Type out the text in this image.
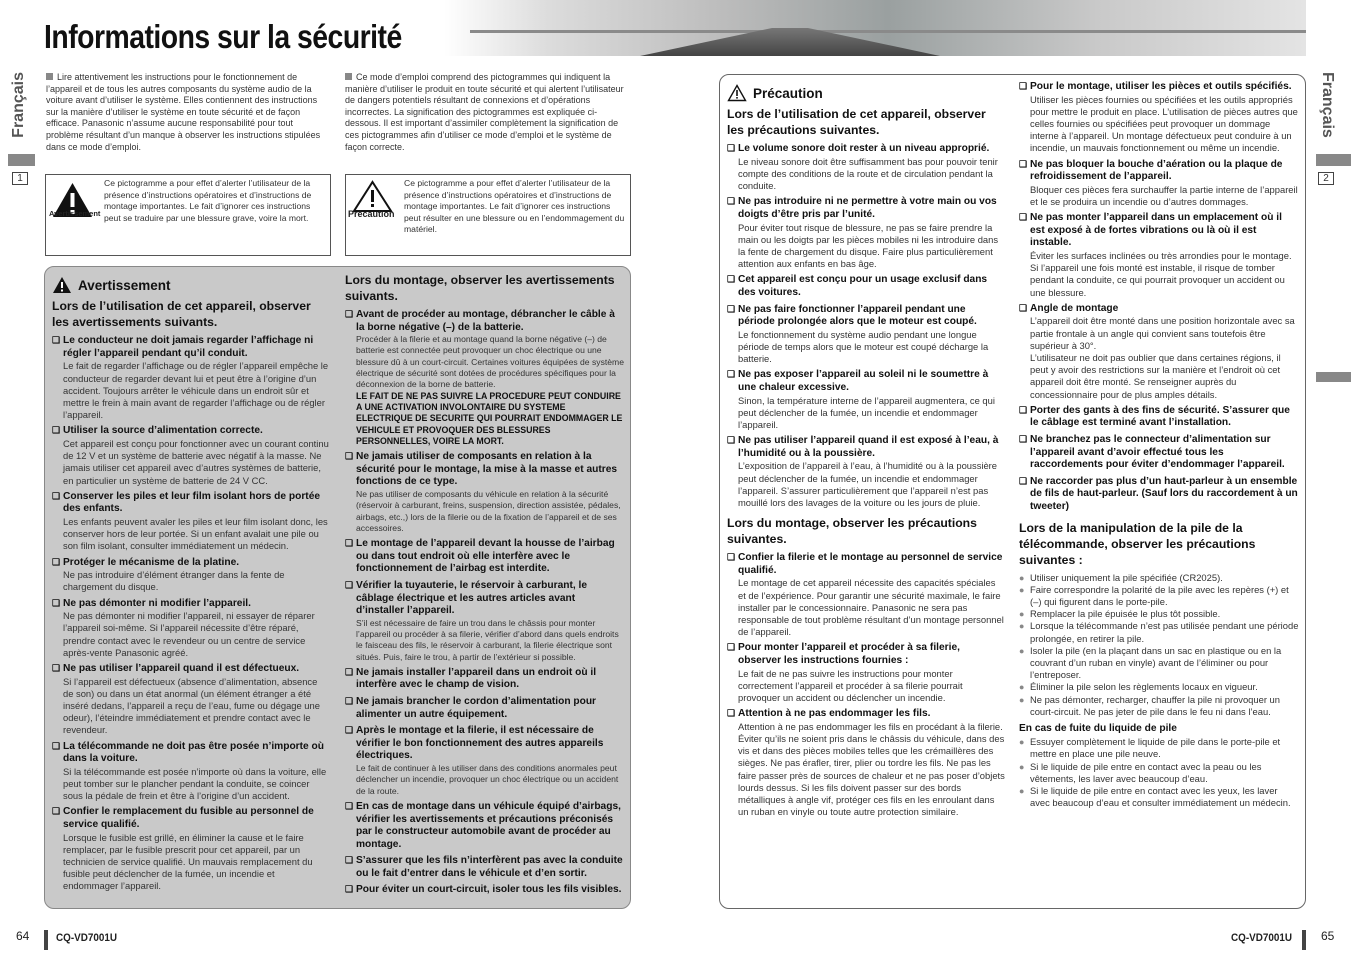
Informations sur la sécurité
Français
1
Français
2
Lire attentivement les instructions pour le fonctionnement de l’appareil et de tous les autres composants du système audio de la voiture avant d’utiliser le système. Elles contiennent des instructions sur la manière d’utiliser le système en toute sécurité et de façon efficace. Panasonic n’assume aucune responsabilité pour tout problème résultant d’un manque à observer les instructions stipulées dans ce mode d’emploi.
Ce mode d’emploi comprend des pictogrammes qui indiquent la manière d’utiliser le produit en toute sécurité et qui alertent l’utilisateur de dangers potentiels résultant de connexions et d’opérations incorrectes. La signification des pictogrammes est expliquée ci-dessous. Il est important d’assimiler complètement la signification de ces pictogrammes afin d’utiliser ce mode d’emploi et le système de façon correcte.
Avertissement
Ce pictogramme a pour effet d’alerter l’utilisateur de la présence d’instructions opératoires et d’instructions de montage importantes. Le fait d’ignorer ces instructions peut se traduire par une blessure grave, voire la mort.	Précaution
Ce pictogramme a pour effet d’alerter l’utilisateur de la présence d’instructions opératoires et d’instructions de montage importantes. Le fait d’ignorer ces instructions peut résulter en une blessure ou en l’endommagement du matériel.
Avertissement
Lors de l’utilisation de cet appareil, observer les avertissements suivants.
❑ Le conducteur ne doit jamais regarder l’affichage ni régler l’appareil pendant qu’il conduit.
Le fait de regarder l’affichage ou de régler l’appareil empêche le conducteur de regarder devant lui et peut être à l’origine d’un accident. Toujours arrêter le véhicule dans un endroit sûr et mettre le frein à main avant de regarder l’affichage ou de régler l’appareil.
❑ Utiliser la source d’alimentation correcte.
Cet appareil est conçu pour fonctionner avec un courant continu de 12 V et un système de batterie avec négatif à la masse. Ne jamais utiliser cet appareil avec d’autres systèmes de batterie, en particulier un système de batterie de 24 V CC.
❑ Conserver les piles et leur film isolant hors de portée des enfants.
Les enfants peuvent avaler les piles et leur film isolant donc, les conserver hors de leur portée. Si un enfant avalait une pile ou son film isolant, consulter immédiatement un médecin.
❑ Protéger le mécanisme de la platine.
Ne pas introduire d’élément étranger dans la fente de chargement du disque.
❑ Ne pas démonter ni modifier l’appareil.
Ne pas démonter ni modifier l’appareil, ni essayer de réparer l’appareil soi-même. Si l’appareil nécessite d’être réparé, prendre contact avec le revendeur ou un centre de service après-vente Panasonic agréé.
❑ Ne pas utiliser l’appareil quand il est défectueux.
Si l’appareil est défectueux (absence d’alimentation, absence de son) ou dans un état anormal (un élément étranger a été inséré dedans, l’appareil a reçu de l’eau, fume ou dégage une odeur), l’éteindre immédiatement et prendre contact avec le revendeur.
❑ La télécommande ne doit pas être posée n’importe où dans la voiture.
Si la télécommande est posée n’importe où dans la voiture, elle peut tomber sur le plancher pendant la conduite, se coincer sous la pédale de frein et être à l’origine d’un accident.
❑ Confier le remplacement du fusible au personnel de service qualifié.
Lorsque le fusible est grillé, en éliminer la cause et le faire remplacer, par le fusible prescrit pour cet appareil, par un technicien de service qualifié. Un mauvais remplacement du fusible peut déclencher de la fumée, un incendie et endommager l’appareil.
Lors du montage, observer les avertissements suivants.
❑ Avant de procéder au montage, débrancher le câble à la borne négative (–) de la batterie.
Procéder à la filerie et au montage quand la borne négative (–) de batterie est connectée peut provoquer un choc électrique ou une blessure dû à un court-circuit. Certaines voitures équipées de système électrique de sécurité sont dotées de procédures spécifiques pour la déconnexion de la borne de batterie.
LE FAIT DE NE PAS SUIVRE LA PROCEDURE PEUT CONDUIRE A UNE ACTIVATION INVOLONTAIRE DU SYSTEME ELECTRIQUE DE SECURITE QUI POURRAIT ENDOMMAGER LE VEHICULE ET PROVOQUER DES BLESSURES PERSONNELLES, VOIRE LA MORT.
❑ Ne jamais utiliser de composants en relation à la sécurité pour le montage, la mise à la masse et autres fonctions de ce type.
Ne pas utiliser de composants du véhicule en relation à la sécurité (réservoir à carburant, freins, suspension, direction assistée, pédales, airbags, etc.,) lors de la filerie ou de la fixation de l’appareil et de ses accessoires.
❑ Le montage de l’appareil devant la housse de l’airbag ou dans tout endroit où elle interfère avec le fonctionnement de l’airbag est interdite.
❑ Vérifier la tuyauterie, le réservoir à carburant, le câblage électrique et les autres articles avant d’installer l’appareil.
S’il est nécessaire de faire un trou dans le châssis pour monter l’appareil ou procéder à sa filerie, vérifier d’abord dans quels endroits le faisceau des fils, le réservoir à carburant, la filerie électrique sont situés. Puis, faire le trou, à partir de l’extérieur si possible.
❑ Ne jamais installer l’appareil dans un endroit où il interfère avec le champ de vision.
❑ Ne jamais brancher le cordon d’alimentation pour alimenter un autre équipement.
❑ Après le montage et la filerie, il est nécessaire de vérifier le bon fonctionnement des autres appareils électriques.
Le fait de continuer à les utiliser dans des conditions anormales peut déclencher un incendie, provoquer un choc électrique ou un accident de la route.
❑ En cas de montage dans un véhicule équipé d’airbags, vérifier les avertissements et précautions préconisés par le constructeur automobile avant de procéder au montage.
❑ S’assurer que les fils n’interfèrent pas avec la conduite ou le fait d’entrer dans le véhicule et d’en sortir.
❑ Pour éviter un court-circuit, isoler tous les fils visibles.
Précaution
Lors de l’utilisation de cet appareil, observer les précautions suivantes.
❑ Le volume sonore doit rester à un niveau approprié.
Le niveau sonore doit être suffisamment bas pour pouvoir tenir compte des conditions de la route et de circulation pendant la conduite.
❑ Ne pas introduire ni ne permettre à votre main ou vos doigts d’être pris par l’unité.
Pour éviter tout risque de blessure, ne pas se faire prendre la main ou les doigts par les pièces mobiles ni les introduire dans la fente de chargement du disque. Faire plus particulièrement attention aux enfants en bas âge.
❑ Cet appareil est conçu pour un usage exclusif dans des voitures.
❑ Ne pas faire fonctionner l’appareil pendant une période prolongée alors que le moteur est coupé.
Le fonctionnement du système audio pendant une longue période de temps alors que le moteur est coupé décharge la batterie.
❑ Ne pas exposer l’appareil au soleil ni le soumettre à une chaleur excessive.
Sinon, la température interne de l’appareil augmentera, ce qui peut déclencher de la fumée, un incendie et endommager l’appareil.
❑ Ne pas utiliser l’appareil quand il est exposé à l’eau, à l’humidité ou à la poussière.
L’exposition de l’appareil à l’eau, à l’humidité ou à la poussière peut déclencher de la fumée, un incendie et endommager l’appareil. S’assurer particulièrement que l’appareil n’est pas mouillé lors des lavages de la voiture ou les jours de pluie.
Lors du montage, observer les précautions suivantes.
❑ Confier la filerie et le montage au personnel de service qualifié.
Le montage de cet appareil nécessite des capacités spéciales et de l’expérience. Pour garantir une sécurité maximale, le faire installer par le concessionnaire. Panasonic ne sera pas responsable de tout problème résultant d’un montage personnel de l’appareil.
❑ Pour monter l’appareil et procéder à sa filerie, observer les instructions fournies :
Le fait de ne pas suivre les instructions pour monter correctement l’appareil et procéder à sa filerie pourrait provoquer un accident ou déclencher un incendie.
❑ Attention à ne pas endommager les fils.
Attention à ne pas endommager les fils en procédant à la filerie. Éviter qu’ils ne soient pris dans le châssis du véhicule, dans des vis et dans des pièces mobiles telles que les crémaillères des sièges. Ne pas érafler, tirer, plier ou tordre les fils. Ne pas les faire passer près de sources de chaleur et ne pas poser d’objets lourds dessus. Si les fils doivent passer sur des bords métalliques à angle vif, protéger ces fils en les enroulant dans un ruban en vinyle ou toute autre protection similaire.
❑ Pour le montage, utiliser les pièces et outils spécifiés.
Utiliser les pièces fournies ou spécifiées et les outils appropriés pour mettre le produit en place. L’utilisation de pièces autres que celles fournies ou spécifiées peut provoquer un dommage interne à l’appareil. Un montage défectueux peut conduire à un incendie, un mauvais fonctionnement ou même un incendie.
❑ Ne pas bloquer la bouche d’aération ou la plaque de refroidissement de l’appareil.
Bloquer ces pièces fera surchauffer la partie interne de l’appareil et le se produira un incendie ou d’autres dommages.
❑ Ne pas monter l’appareil dans un emplacement où il est exposé à de fortes vibrations ou là où il est instable.
Éviter les surfaces inclinées ou très arrondies pour le montage. Si l’appareil une fois monté est instable, il risque de tomber pendant la conduite, ce qui pourrait provoquer un accident ou une blessure.
❑ Angle de montage
L’appareil doit être monté dans une position horizontale avec sa partie frontale à un angle qui convient sans toutefois être supérieur à 30°.
L’utilisateur ne doit pas oublier que dans certaines régions, il peut y avoir des restrictions sur la manière et l’endroit où cet appareil doit être monté. Se renseigner auprès du concessionnaire pour de plus amples détails.
❑ Porter des gants à des fins de sécurité. S’assurer que le câblage est terminé avant l’installation.
❑ Ne branchez pas le connecteur d’alimentation sur l’appareil avant d’avoir effectué tous les raccordements pour éviter d’endommager l’appareil.
❑ Ne raccorder pas plus d’un haut-parleur à un ensemble de fils de haut-parleur. (Sauf lors du raccordement à un tweeter)
Lors de la manipulation de la pile de la télécommande, observer les précautions suivantes :
● Utiliser uniquement la pile spécifiée (CR2025).
● Faire correspondre la polarité de la pile avec les repères (+) et (–) qui figurent dans le porte-pile.
● Remplacer la pile épuisée le plus tôt possible.
● Lorsque la télécommande n’est pas utilisée pendant une période prolongée, en retirer la pile.
● Isoler la pile (en la plaçant dans un sac en plastique ou en la couvrant d’un ruban en vinyle) avant de l’éliminer ou pour l’entreposer.
● Éliminer la pile selon les règlements locaux en vigueur.
● Ne pas démonter, recharger, chauffer la pile ni provoquer un court-circuit. Ne pas jeter de pile dans le feu ni dans l’eau.
En cas de fuite du liquide de pile
● Essuyer complètement le liquide de pile dans le porte-pile et mettre en place une pile neuve.
● Si le liquide de pile entre en contact avec la peau ou les vêtements, les laver avec beaucoup d’eau.
● Si le liquide de pile entre en contact avec les yeux, les laver avec beaucoup d’eau et consulter immédiatement un médecin.
64 CQ-VD7001U	CQ-VD7001U 65
